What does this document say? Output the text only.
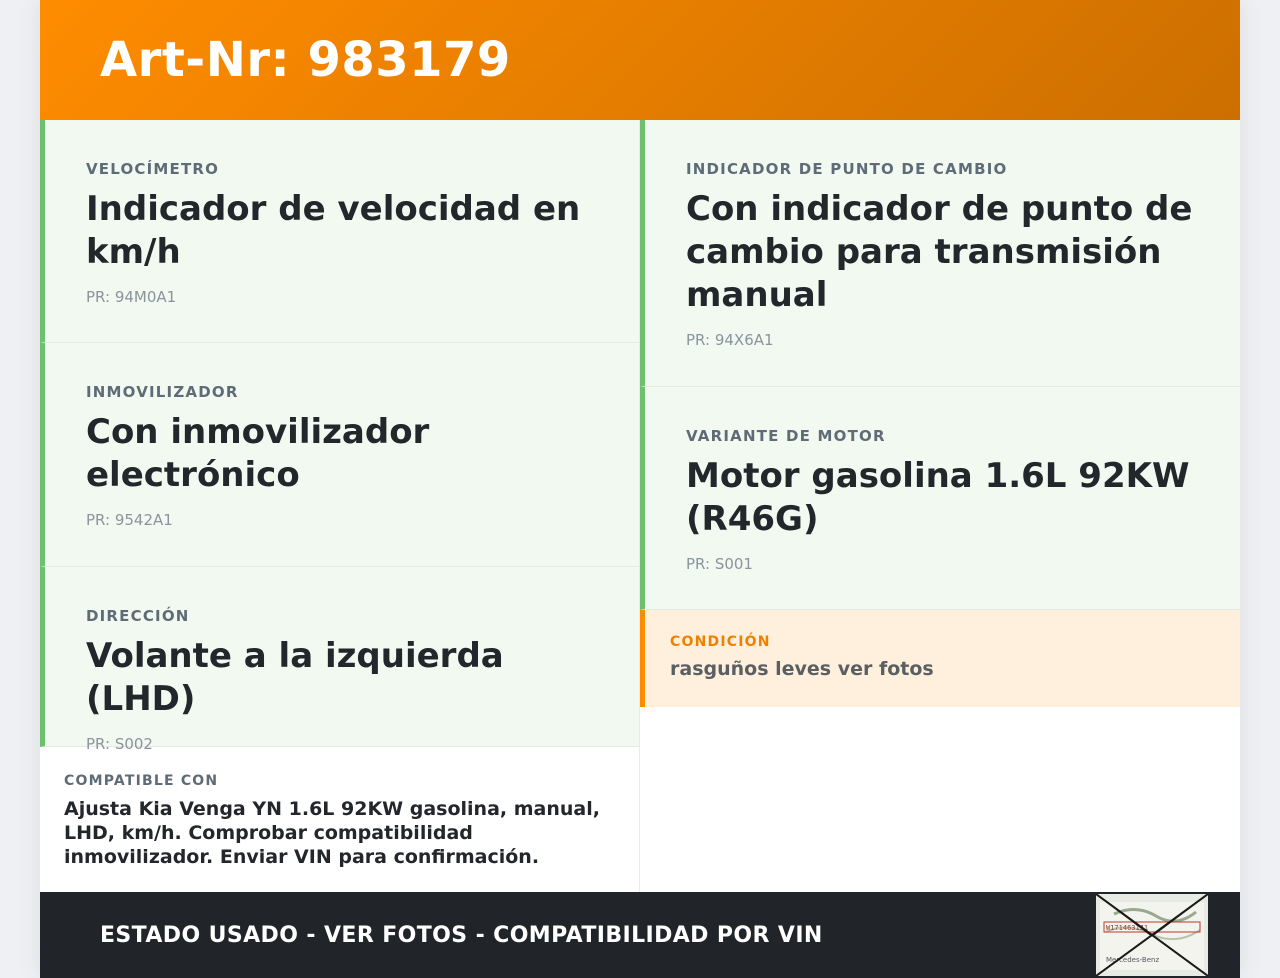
Art-Nr: 983179
VELOCÍMETRO
Indicador de velocidad en km/h
PR: 94M0A1
INMOVILIZADOR
Con inmovilizador electrónico
PR: 9542A1
DIRECCIÓN
Volante a la izquierda (LHD)
PR: S002
COMPATIBLE CON
Ajusta Kia Venga YN 1.6L 92KW gasolina, manual, LHD, km/h. Comprobar compatibilidad inmovilizador. Enviar VIN para confirmación.
INDICADOR DE PUNTO DE CAMBIO
Con indicador de punto de cambio para transmisión manual
PR: 94X6A1
VARIANTE DE MOTOR
Motor gasolina 1.6L 92KW (R46G)
PR: S001
CONDICIÓN
rasguños leves ver fotos
ESTADO USADO - VER FOTOS - COMPATIBILIDAD POR VIN	W1714631J1
Mercedes-Benz
